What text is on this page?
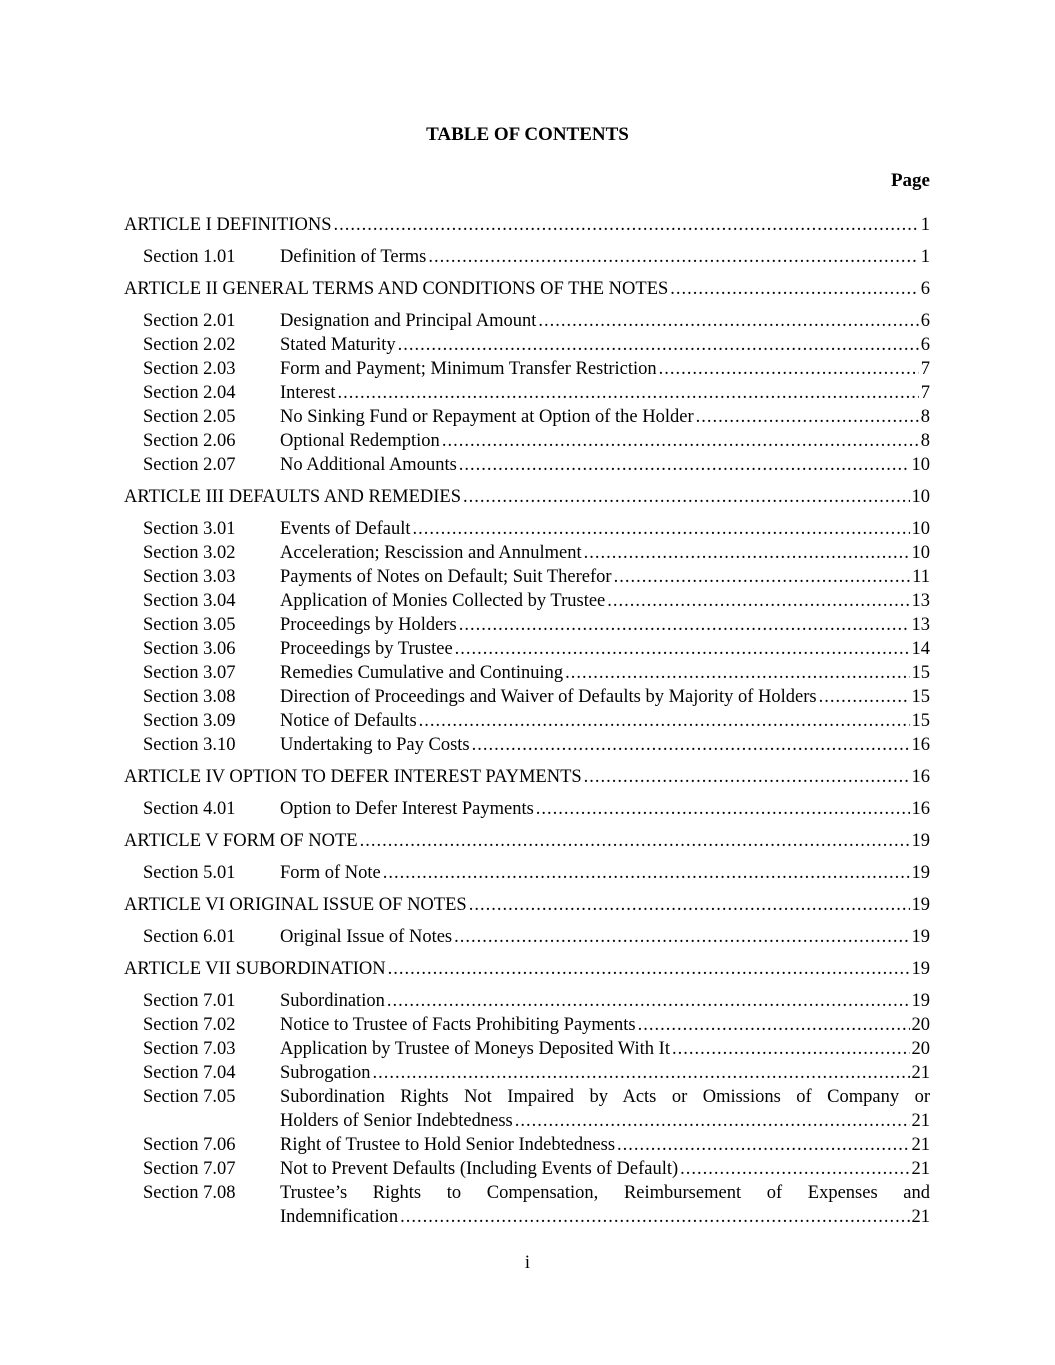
TABLE OF CONTENTS
Page
ARTICLE I DEFINITIONS .....	1
Section 1.01	Definition of Terms .....	1
ARTICLE II GENERAL TERMS AND CONDITIONS OF THE NOTES .....	6
Section 2.01	Designation and Principal Amount .....	6
Section 2.02	Stated Maturity .....	6
Section 2.03	Form and Payment; Minimum Transfer Restriction .....	7
Section 2.04	Interest .....	7
Section 2.05	No Sinking Fund or Repayment at Option of the Holder .....	8
Section 2.06	Optional Redemption .....	8
Section 2.07	No Additional Amounts .....	10
ARTICLE III DEFAULTS AND REMEDIES .....	10
Section 3.01	Events of Default .....	10
Section 3.02	Acceleration; Rescission and Annulment .....	10
Section 3.03	Payments of Notes on Default; Suit Therefor .....	11
Section 3.04	Application of Monies Collected by Trustee .....	13
Section 3.05	Proceedings by Holders .....	13
Section 3.06	Proceedings by Trustee .....	14
Section 3.07	Remedies Cumulative and Continuing .....	15
Section 3.08	Direction of Proceedings and Waiver of Defaults by Majority of Holders .....	15
Section 3.09	Notice of Defaults .....	15
Section 3.10	Undertaking to Pay Costs .....	16
ARTICLE IV OPTION TO DEFER INTEREST PAYMENTS .....	16
Section 4.01	Option to Defer Interest Payments .....	16
ARTICLE V FORM OF NOTE .....	19
Section 5.01	Form of Note .....	19
ARTICLE VI ORIGINAL ISSUE OF NOTES .....	19
Section 6.01	Original Issue of Notes .....	19
ARTICLE VII SUBORDINATION .....	19
Section 7.01	Subordination .....	19
Section 7.02	Notice to Trustee of Facts Prohibiting Payments .....	20
Section 7.03	Application by Trustee of Moneys Deposited With It .....	20
Section 7.04	Subrogation .....	21
Section 7.05	Subordination Rights Not Impaired by Acts or Omissions of Company or
Holders of Senior Indebtedness .....	21
Section 7.06	Right of Trustee to Hold Senior Indebtedness .....	21
Section 7.07	Not to Prevent Defaults (Including Events of Default) .....	21
Section 7.08	Trustee’s Rights to Compensation, Reimbursement of Expenses and
Indemnification .....	21
i
